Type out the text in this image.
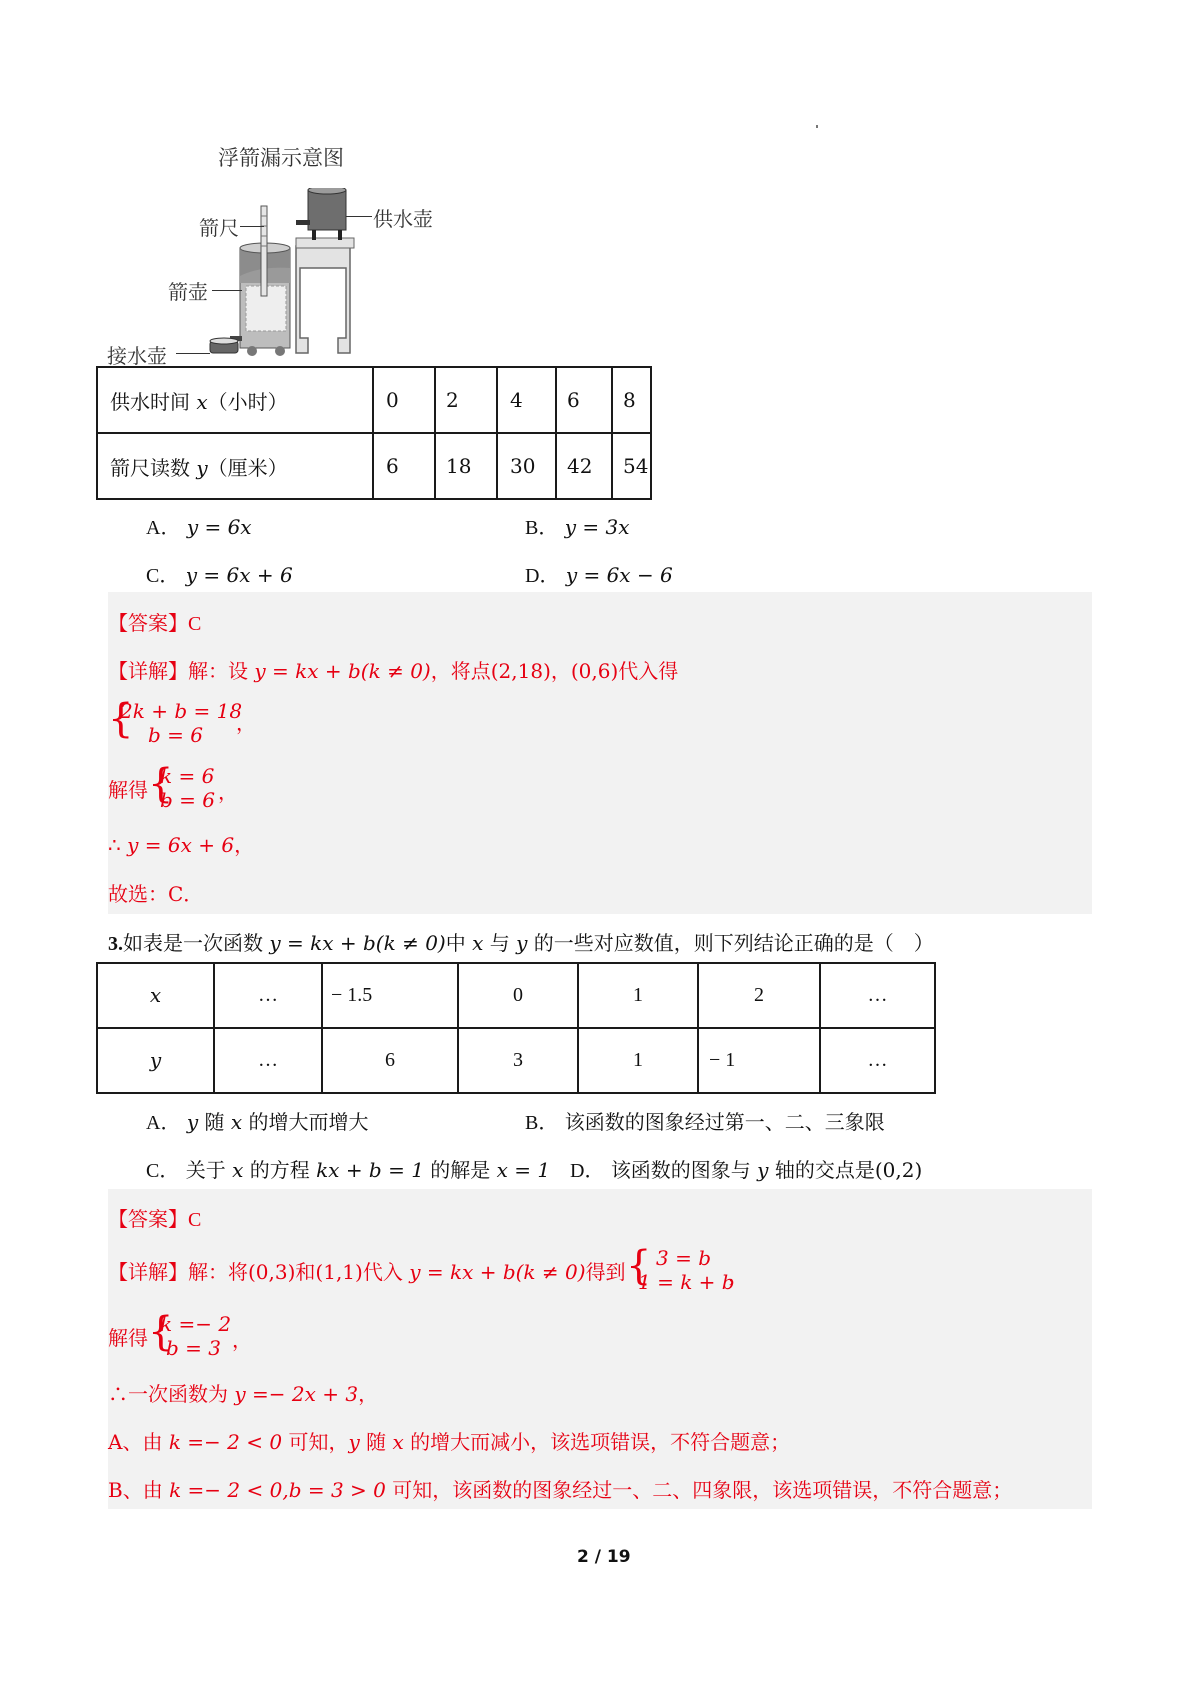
浮箭漏示意图
箭尺	供水壶
箭壶
接水壶
供水时间 x（小时）	0	2	4	6	8
箭尺读数 y（厘米）	6	18	30	42	54
A． y = 6x	B． y = 3x
C． y = 6x + 6	D． y = 6x − 6
【答案】C
【详解】解：设 y = kx + b(k ≠ 0)，将点(2,18)，(0,6)代入得
{
2k + b = 18
b = 6 ，
解得 {
k = 6
b = 6 ，
∴ y = 6x + 6，
故选：C．
3.如表是一次函数 y = kx + b(k ≠ 0)中 x 与 y 的一些对应数值，则下列结论正确的是（　）
x	…	− 1.5	0	1	2	…
y	…	6	3	1	− 1	…
A． y 随 x 的增大而增大	B． 该函数的图象经过第一、二、三象限
C． 关于 x 的方程 kx + b = 1 的解是 x = 1 D． 该函数的图象与 y 轴的交点是(0,2)
【答案】C
【详解】解：将(0,3)和(1,1)代入 y = kx + b(k ≠ 0)得到 { 3 = b
1 = k + b
，
解得 {
k =− 2
b = 3 ，
∴一次函数为 y =− 2x + 3，
A、由 k =− 2 < 0 可知，y 随 x 的增大而减小，该选项错误，不符合题意；
B、由 k =− 2 < 0,b = 3 > 0 可知，该函数的图象经过一、二、四象限，该选项错误，不符合题意；
2 / 19
